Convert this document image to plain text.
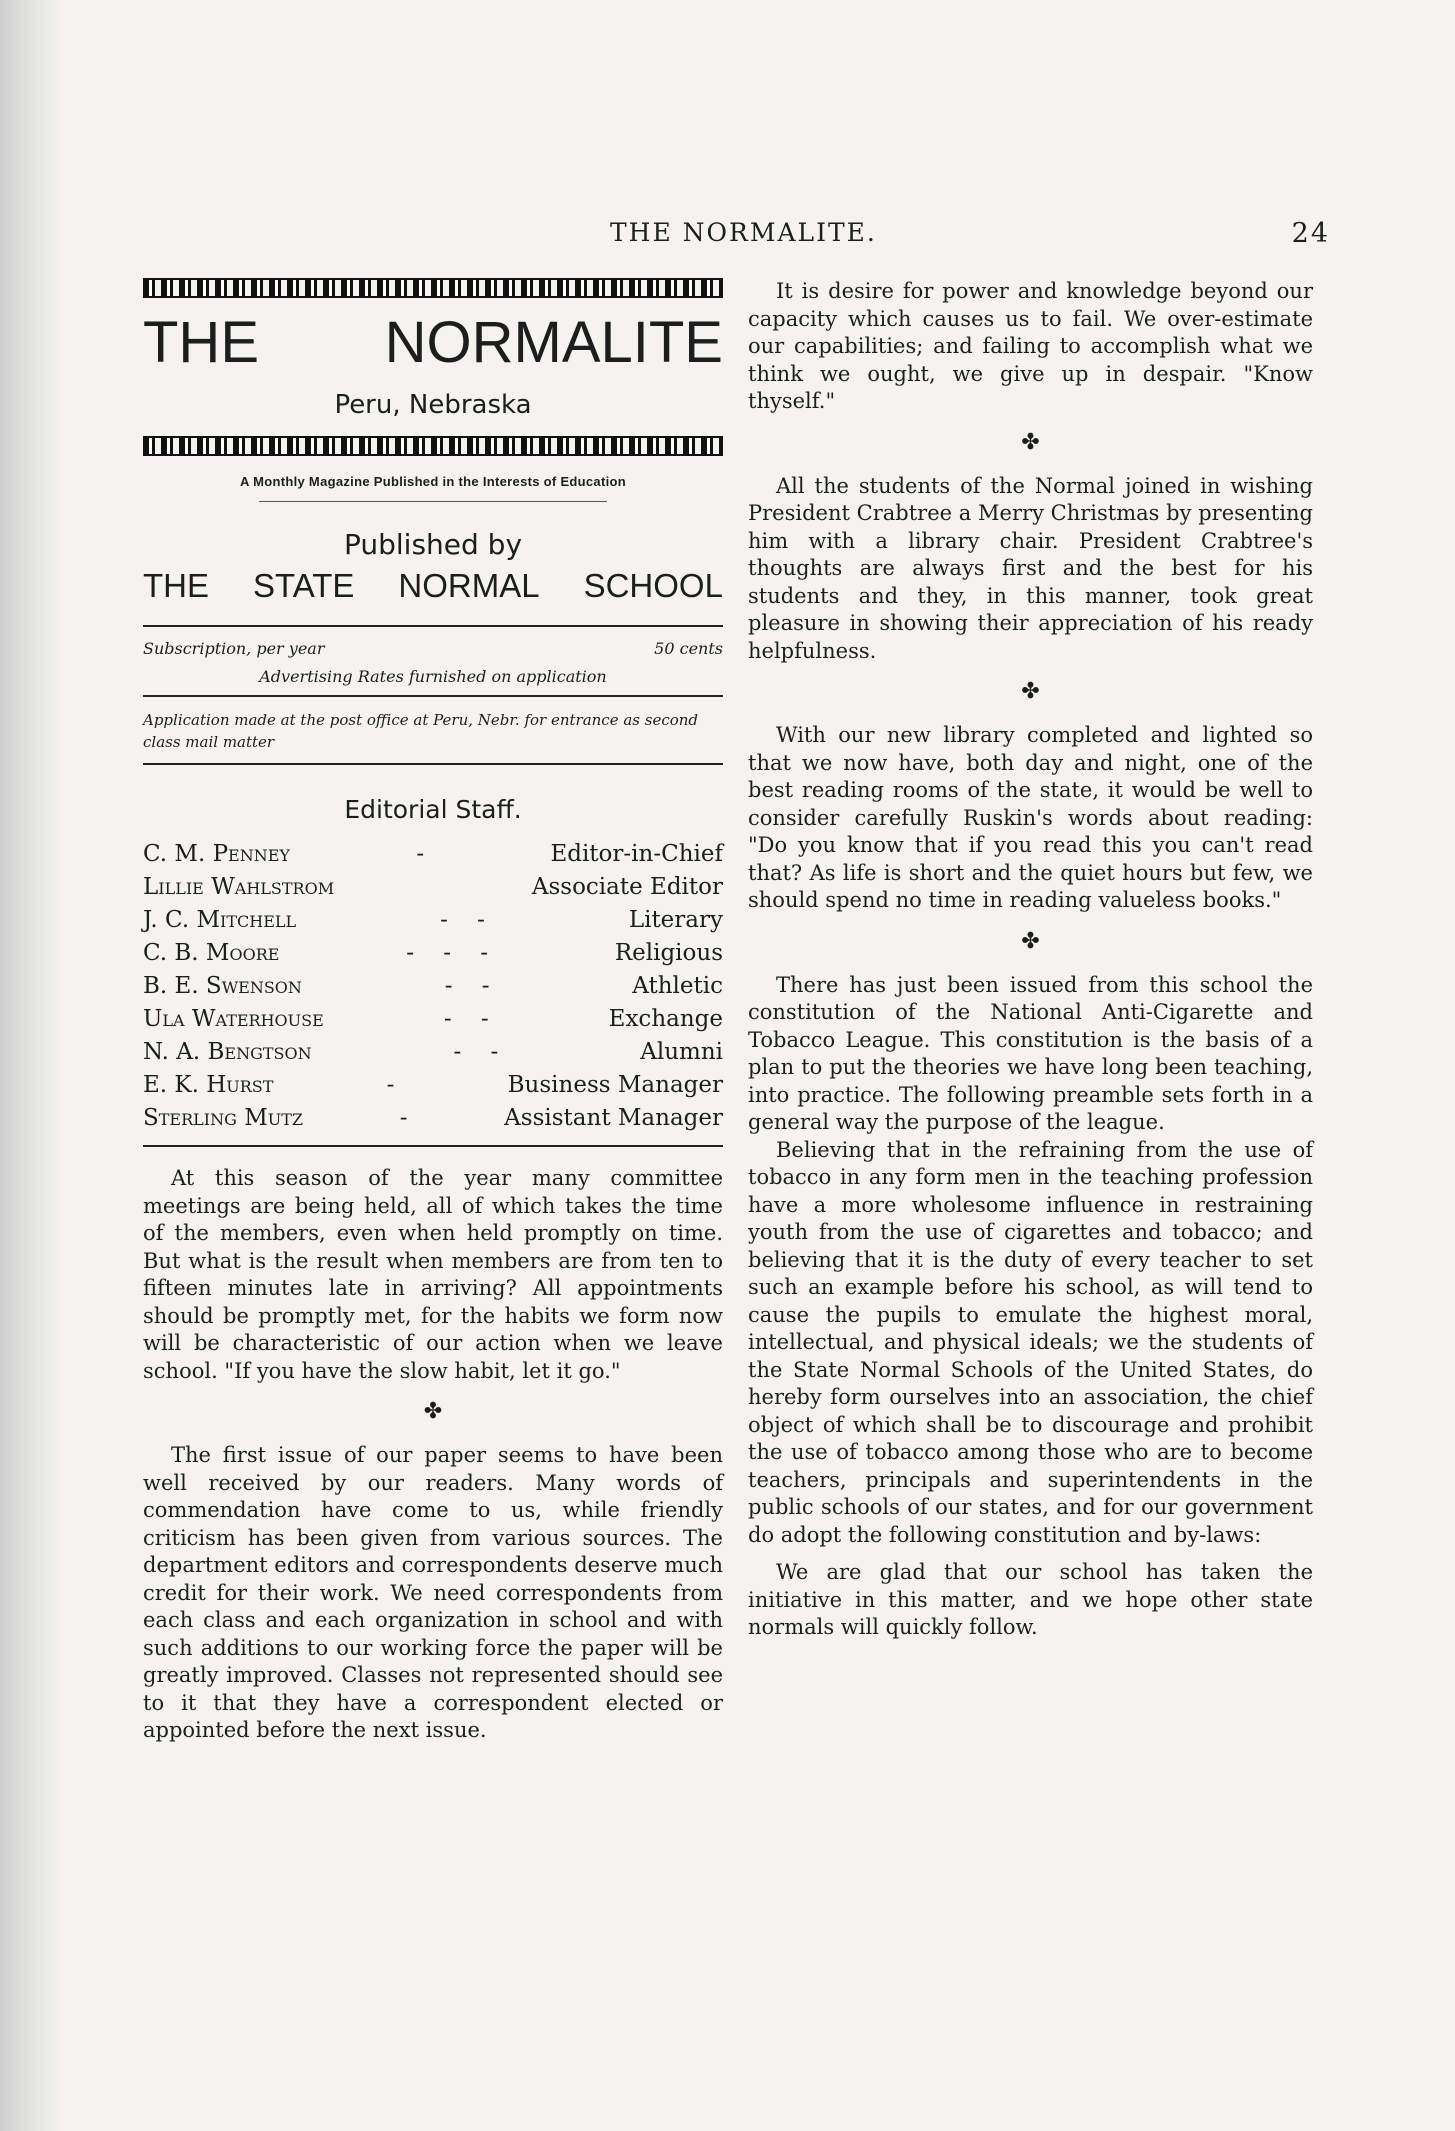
THE NORMALITE.	24
THE NORMALITE
Peru, Nebraska
A Monthly Magazine Published in the Interests of Education
Published by
THE STATE NORMAL SCHOOL
Subscription, per year	50 cents
Advertising Rates furnished on application
Application made at the post office at Peru, Nebr. for entrance as second class mail matter
Editorial Staff.
C. M. Penney	-	Editor-in-Chief
Lillie Wahlstrom	Associate Editor
J. C. Mitchell	-    -	Literary
C. B. Moore	-    -    -	Religious
B. E. Swenson	-    -	Athletic
Ula Waterhouse	-    -	Exchange
N. A. Bengtson	-    -	Alumni
E. K. Hurst	-	Business Manager
Sterling Mutz	-	Assistant Manager

At this season of the year many committee meetings are being held, all of which takes the time of the members, even when held promptly on time. But what is the result when members are from ten to fifteen minutes late in arriving? All appointments should be promptly met, for the habits we form now will be characteristic of our action when we leave school. "If you have the slow habit, let it go."

✤

The first issue of our paper seems to have been well received by our readers. Many words of commendation have come to us, while friendly criticism has been given from various sources. The department editors and correspondents deserve much credit for their work. We need correspondents from each class and each organization in school and with such additions to our working force the paper will be greatly improved. Classes not represented should see to it that they have a correspondent elected or appointed before the next issue.

It is desire for power and knowledge beyond our capacity which causes us to fail. We over-estimate our capabilities; and failing to accomplish what we think we ought, we give up in despair. "Know thyself."

✤

All the students of the Normal joined in wishing President Crabtree a Merry Christmas by presenting him with a library chair. President Crabtree's thoughts are always first and the best for his students and they, in this manner, took great pleasure in showing their appreciation of his ready helpfulness.

✤

With our new library completed and lighted so that we now have, both day and night, one of the best reading rooms of the state, it would be well to consider carefully Ruskin's words about reading: "Do you know that if you read this you can't read that? As life is short and the quiet hours but few, we should spend no time in reading valueless books."

✤

There has just been issued from this school the constitution of the National Anti-Cigarette and Tobacco League. This constitution is the basis of a plan to put the theories we have long been teaching, into practice. The following preamble sets forth in a general way the purpose of the league.

Believing that in the refraining from the use of tobacco in any form men in the teaching profession have a more wholesome influence in restraining youth from the use of cigarettes and tobacco; and believing that it is the duty of every teacher to set such an example before his school, as will tend to cause the pupils to emulate the highest moral, intellectual, and physical ideals; we the students of the State Normal Schools of the United States, do hereby form ourselves into an association, the chief object of which shall be to discourage and prohibit the use of tobacco among those who are to become teachers, principals and superintendents in the public schools of our states, and for our government do adopt the following constitution and by-laws:

We are glad that our school has taken the initiative in this matter, and we hope other state normals will quickly follow.
